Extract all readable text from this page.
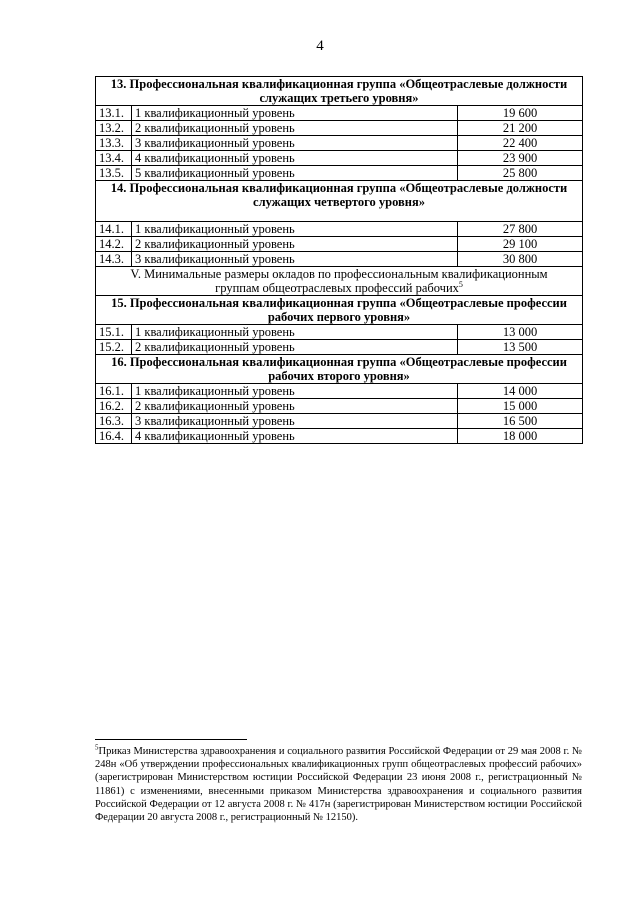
4
13. Профессиональная квалификационная группа «Общеотраслевые должности
служащих третьего уровня»		
13.1.	1 квалификационный уровень	19 600
13.2.	2 квалификационный уровень	21 200
13.3.	3 квалификационный уровень	22 400
13.4.	4 квалификационный уровень	23 900
13.5.	5 квалификационный уровень	25 800
14. Профессиональная квалификационная группа «Общеотраслевые должности
служащих четвертого уровня»		
14.1.	1 квалификационный уровень	27 800
14.2.	2 квалификационный уровень	29 100
14.3.	3 квалификационный уровень	30 800
V. Минимальные размеры окладов по профессиональным квалификационным
группам общеотраслевых профессий рабочих$^5$
15. Профессиональная квалификационная группа «Общеотраслевые профессии
рабочих первого уровня»		
15.1.	1 квалификационный уровень	13 000
15.2.	2 квалификационный уровень	13 500
16. Профессиональная квалификационная группа «Общеотраслевые профессии
рабочих второго уровня»		
16.1.	1 квалификационный уровень	14 000
16.2.	2 квалификационный уровень	15 000
16.3.	3 квалификационный уровень	16 500
16.4.	4 квалификационный уровень	18 000
$^5$Приказ Министерства здравоохранения и социального развития Российской Федерации от 29 мая 2008 г. № 248н «Об утверждении профессиональных квалификационных групп общеотраслевых профессий рабочих» (зарегистрирован Министерством юстиции Российской Федерации 23 июня 2008 г., регистрационный № 11861) с изменениями, внесенными приказом Министерства здравоохранения и социального развития Российской Федерации от 12 августа 2008 г. № 417н (зарегистрирован Министерством юстиции Российской Федерации 20 августа 2008 г., регистрационный № 12150).
